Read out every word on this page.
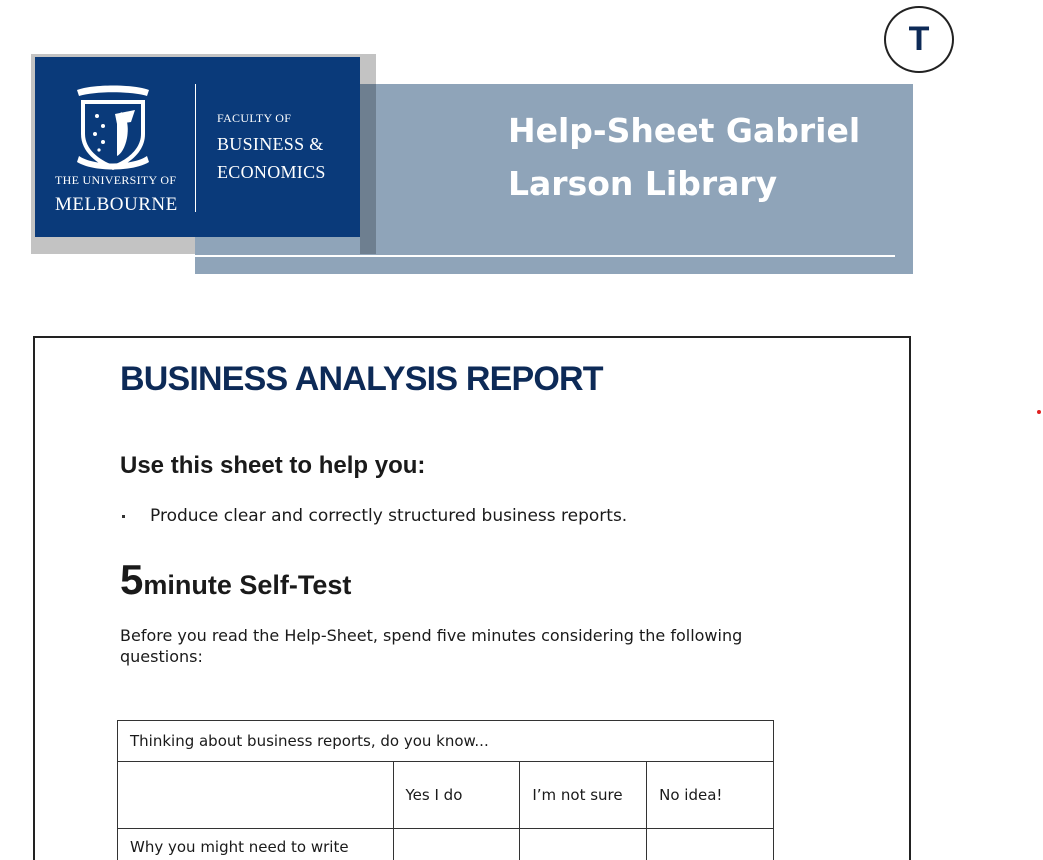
T
THE UNIVERSITY OF
MELBOURNE
FACULTY OF
BUSINESS &
ECONOMICS
Help-Sheet Gabriel
Larson Library
BUSINESS ANALYSIS REPORT
Use this sheet to help you:
Produce clear and correctly structured business reports.
5minute Self-Test
Before you read the Help-Sheet, spend five minutes considering the following questions:
Thinking about business reports, do you know...			
	Yes I do	I’m not sure	No idea!
Why you might need to write			
